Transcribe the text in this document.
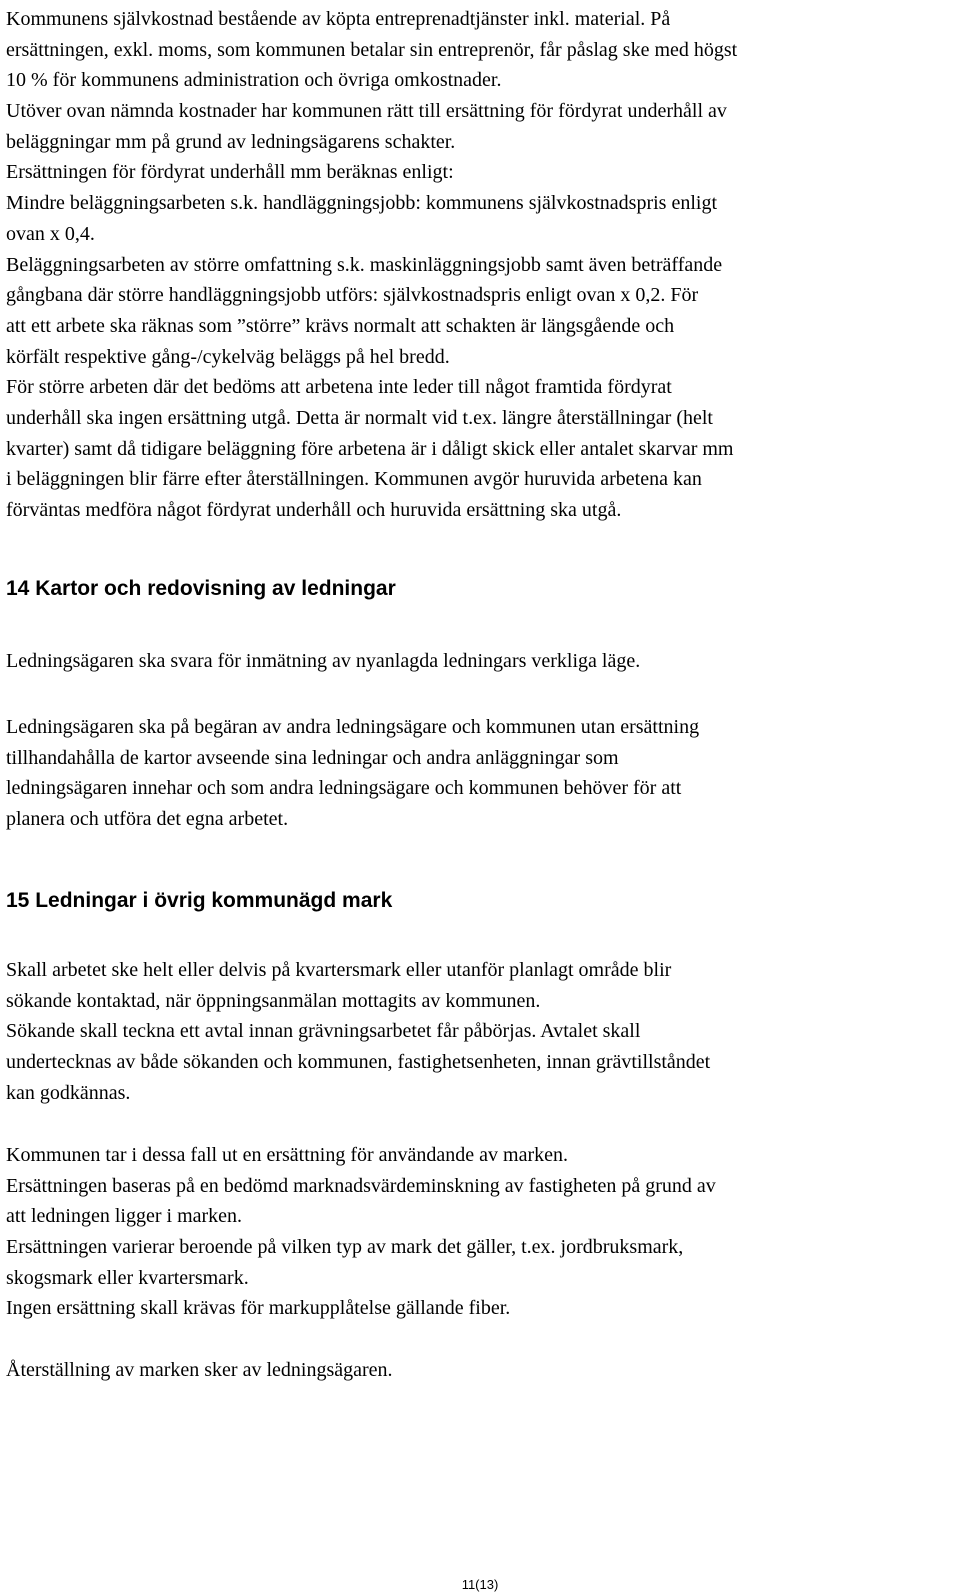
Kommunens självkostnad bestående av köpta entreprenadtjänster inkl. material. På
ersättningen, exkl. moms, som kommunen betalar sin entreprenör, får påslag ske med högst
10 % för kommunens administration och övriga omkostnader.
Utöver ovan nämnda kostnader har kommunen rätt till ersättning för fördyrat underhåll av
beläggningar mm på grund av ledningsägarens schakter.
Ersättningen för fördyrat underhåll mm beräknas enligt:
Mindre beläggningsarbeten s.k. handläggningsjobb: kommunens självkostnadspris enligt
ovan x 0,4.
Beläggningsarbeten av större omfattning s.k. maskinläggningsjobb samt även beträffande
gångbana där större handläggningsjobb utförs: självkostnadspris enligt ovan x 0,2. För
att ett arbete ska räknas som ”större” krävs normalt att schakten är längsgående och
körfält respektive gång-/cykelväg beläggs på hel bredd.
För större arbeten där det bedöms att arbetena inte leder till något framtida fördyrat
underhåll ska ingen ersättning utgå. Detta är normalt vid t.ex. längre återställningar (helt
kvarter) samt då tidigare beläggning före arbetena är i dåligt skick eller antalet skarvar mm
i beläggningen blir färre efter återställningen. Kommunen avgör huruvida arbetena kan
förväntas medföra något fördyrat underhåll och huruvida ersättning ska utgå.
14 Kartor och redovisning av ledningar
Ledningsägaren ska svara för inmätning av nyanlagda ledningars verkliga läge.
Ledningsägaren ska på begäran av andra ledningsägare och kommunen utan ersättning
tillhandahålla de kartor avseende sina ledningar och andra anläggningar som
ledningsägaren innehar och som andra ledningsägare och kommunen behöver för att
planera och utföra det egna arbetet.
15 Ledningar i övrig kommunägd mark
Skall arbetet ske helt eller delvis på kvartersmark eller utanför planlagt område blir
sökande kontaktad, när öppningsanmälan mottagits av kommunen.
Sökande skall teckna ett avtal innan grävningsarbetet får påbörjas. Avtalet skall
undertecknas av både sökanden och kommunen, fastighetsenheten, innan grävtillståndet
kan godkännas.
Kommunen tar i dessa fall ut en ersättning för användande av marken.
Ersättningen baseras på en bedömd marknadsvärdeminskning av fastigheten på grund av
att ledningen ligger i marken.
Ersättningen varierar beroende på vilken typ av mark det gäller, t.ex. jordbruksmark,
skogsmark eller kvartersmark.
Ingen ersättning skall krävas för markupplåtelse gällande fiber.
Återställning av marken sker av ledningsägaren.
11(13)
